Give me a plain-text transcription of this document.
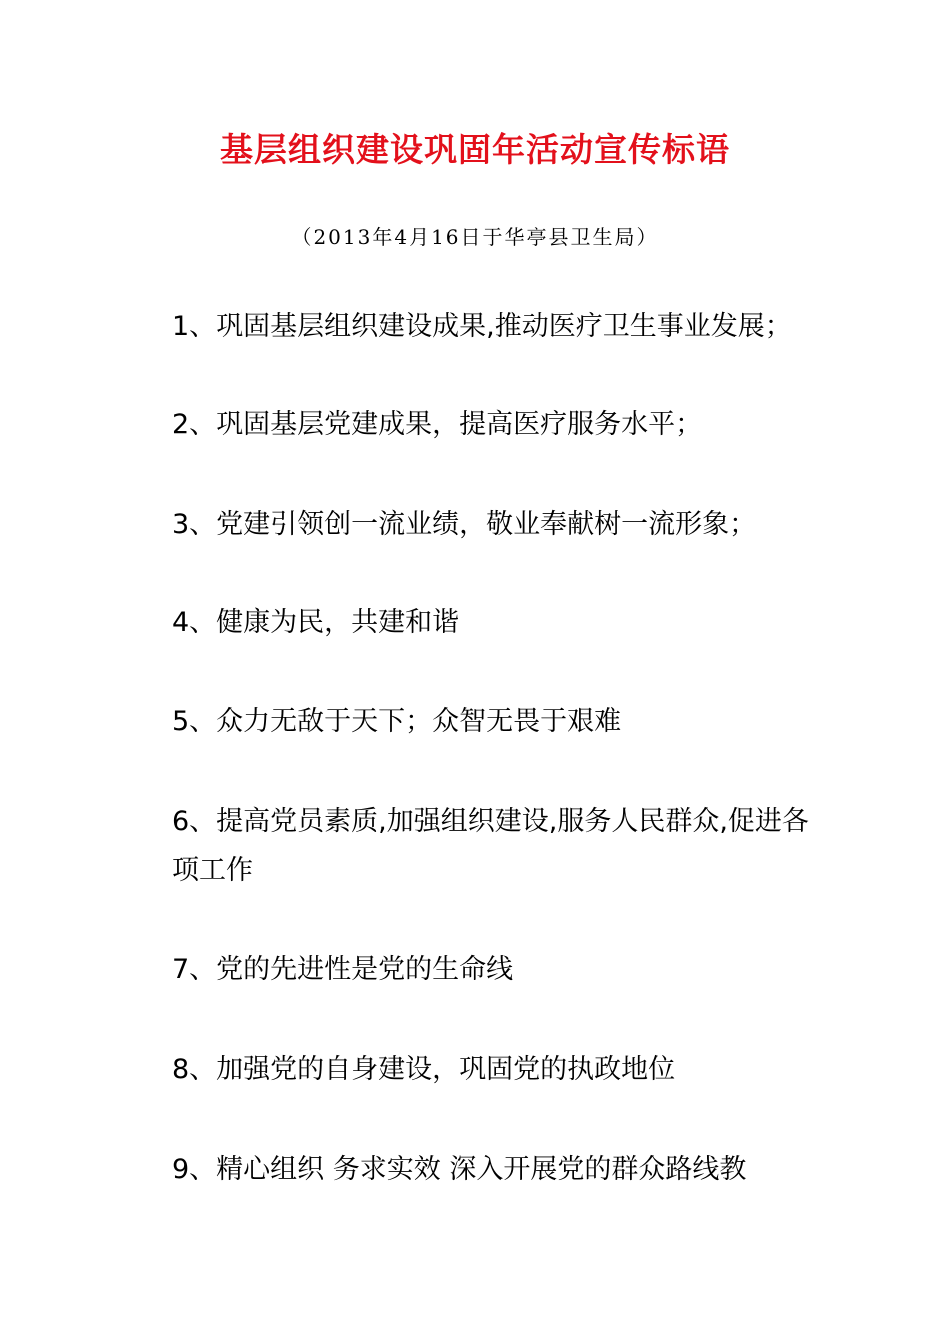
基层组织建设巩固年活动宣传标语
（2013年4月16日于华亭县卫生局）
1、巩固基层组织建设成果,推动医疗卫生事业发展；
2、巩固基层党建成果，提高医疗服务水平；
3、党建引领创一流业绩，敬业奉献树一流形象；
4、健康为民，共建和谐
5、众力无敌于天下；众智无畏于艰难
6、提高党员素质,加强组织建设,服务人民群众,促进各项工作
7、党的先进性是党的生命线
8、加强党的自身建设，巩固党的执政地位
9、精心组织 务求实效 深入开展党的群众路线教
